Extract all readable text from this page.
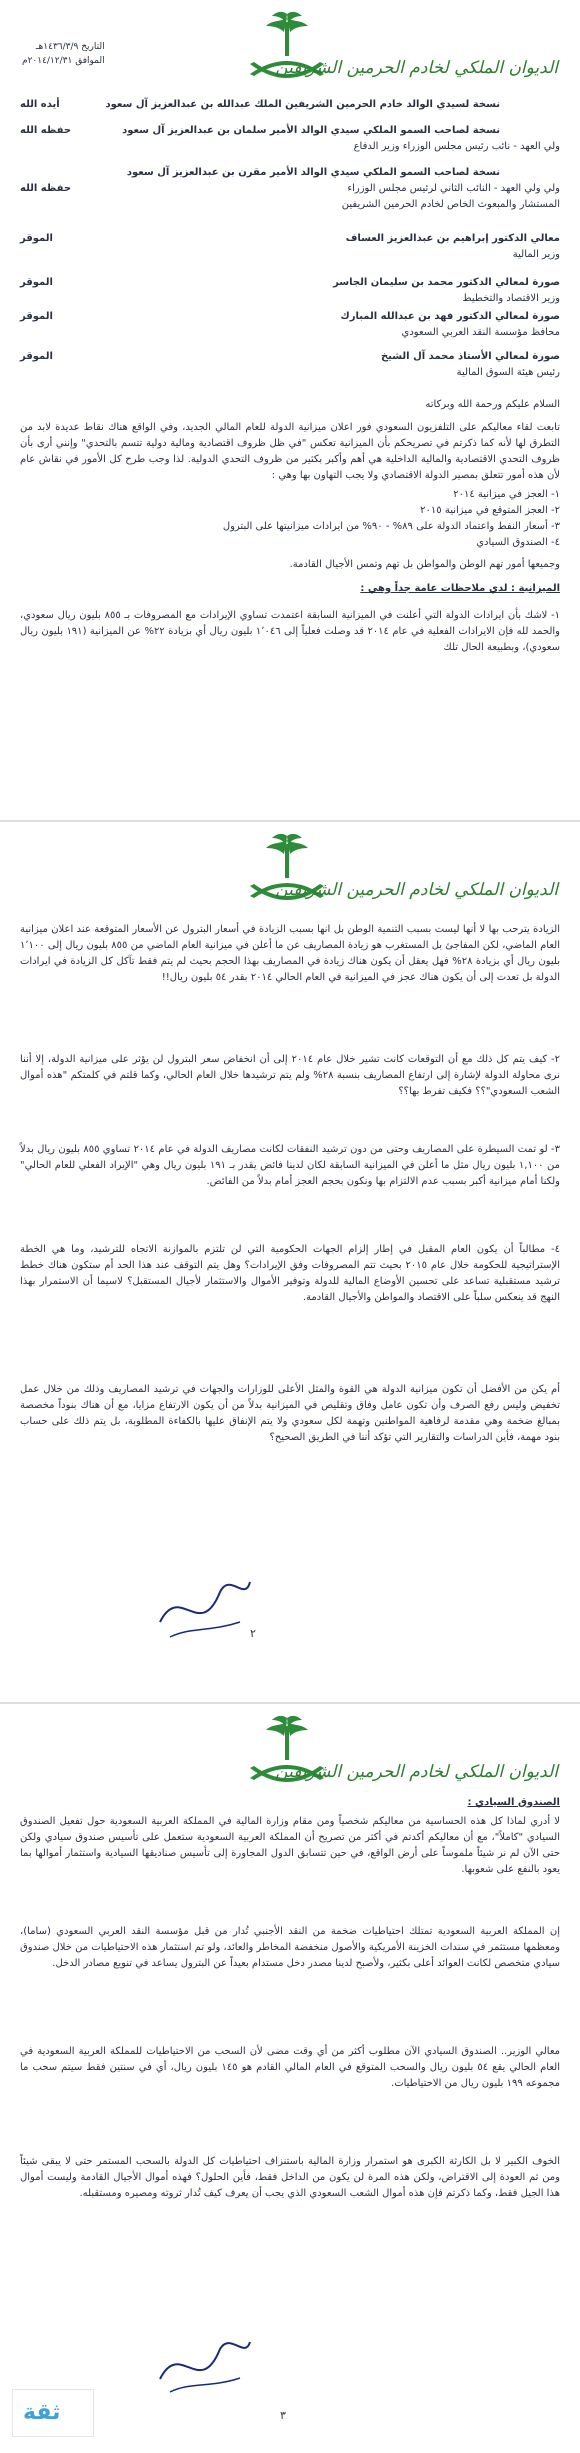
الديوان الملكي لخادم الحرمين الشريفين
التاريخ ١٤٣٦/٣/٩هـ
الموافق ٢٠١٤/١٢/٣١م
نسخة لسيدي الوالد خادم الحرمين الشريفين الملك عبدالله بن عبدالعزيز آل سعود
أيده الله
نسخة لصاحب السمو الملكي سيدي الوالد الأمير سلمان بن عبدالعزيز آل سعود
حفظه الله
ولي العهد - نائب رئيس مجلس الوزراء وزير الدفاع
نسخة لصاحب السمو الملكي سيدي الوالد الأمير مقرن بن عبدالعزيز آل سعود
حفظه الله	ولي ولي العهد - النائب الثاني لرئيس مجلس الوزراء
المستشار والمبعوث الخاص لخادم الحرمين الشريفين
معالي الدكتور إبراهيم بن عبدالعزيز العساف
الموقر
وزير المالية
صورة لمعالي الدكتور محمد بن سليمان الجاسر
الموقر
وزير الاقتصاد والتخطيط
صورة لمعالي الدكتور فهد بن عبدالله المبارك
الموقر
محافظ مؤسسة النقد العربي السعودي
صورة لمعالي الأستاذ محمد آل الشيخ
الموقر
رئيس هيئة السوق المالية
السلام عليكم ورحمة الله وبركاته
تابعت لقاء معاليكم على التلفزيون السعودي فور اعلان ميزانية الدولة للعام المالي الجديد، وفي الواقع هناك نقاط عديدة لابد من التطرق لها لأنه كما ذكرتم في تصريحكم بأن الميزانية تعكس "في ظل ظروف اقتصادية ومالية دولية تتسم بالتحدي" وإنني أرى بأن ظروف التحدي الاقتصادية والمالية الداخلية هي أهم وأكبر بكثير من ظروف التحدي الدولية. لذا وجب طرح كل الأمور في نقاش عام لأن هذه أمور تتعلق بمصير الدولة الاقتصادي ولا يجب التهاون بها وهي :
١- العجز في ميزانية ٢٠١٤
٢- العجز المتوقع في ميزانية ٢٠١٥
٣- أسعار النفط واعتماد الدولة على ٨٩% - ٩٠% من ايرادات ميزانيتها على البترول
٤- الصندوق السيادي
وجميعها أمور تهم الوطن والمواطن بل تهم وتمس الأجيال القادمة.
الميزانية : لدي ملاحظات عامة جداً وهي :
١- لاشك بأن ايرادات الدولة التي أعلنت في الميزانية السابقة اعتمدت تساوي الإيرادات مع المصروفات بـ ٨٥٥ بليون ريال سعودي، والحمد لله فإن الايرادات الفعلية في عام ٢٠١٤ قد وصلت فعلياً إلى ١٬٠٤٦ بليون ريال أي بزيادة ٢٢% عن الميزانية (١٩١ بليون ريال سعودي)، وبطبيعة الحال تلك
الديوان الملكي لخادم الحرمين الشريفين
الزيادة يترحب بها لا أنها ليست بسبب التنمية الوطن بل انها بسبب الزيادة في أسعار البترول عن الأسعار المتوقعة عند اعلان ميزانية العام الماضي، لكن المفاجئ بل المستغرب هو زيادة المصاريف عن ما أعلن في ميزانية العام الماضي من ٨٥٥ بليون ريال إلى ١٬١٠٠ بليون ريال أي بزيادة ٢٨% فهل يعقل أن يكون هناك زيادة في المصاريف بهذا الحجم بحيث لم يتم فقط تآكل كل الزيادة في ايرادات الدولة بل تعدت إلى أن يكون هناك عجز في الميزانية في العام الحالي ٢٠١٤ بقدر ٥٤ بليون ريال!!
٢- كيف يتم كل ذلك مع أن التوقعات كانت تشير خلال عام ٢٠١٤ إلى أن انخفاض سعر البترول لن يؤثر على ميزانية الدولة، إلا أننا نرى محاولة الدولة لإشارة إلى ارتفاع المصاريف بنسبة ٢٨% ولم يتم ترشيدها خلال العام الحالي، وكما قلتم في كلمتكم "هذه أموال الشعب السعودي"؟؟ فكيف تفرط بها؟؟
٣- لو تمت السيطرة على المصاريف وحتى من دون ترشيد النفقات لكانت مصاريف الدولة في عام ٢٠١٤ تساوي ٨٥٥ بليون ريال بدلاً من ١,١٠٠ بليون ريال مثل ما أعلن في الميزانية السابقة لكان لدينا فائض يقدر بـ ١٩١ بليون ريال وهي "الإيراد الفعلي للعام الحالي" ولكنا أمام ميزانية أكبر بسبب عدم الالتزام بها ونكون بحجم العجز أمام بدلاً من الفائض.
٤- مطالباً أن يكون العام المقبل في إطار إلزام الجهات الحكومية التي لن تلتزم بالموازنة الاتجاه للترشيد، وما هي الخطة الإستراتيجية للحكومة خلال عام ٢٠١٥ بحيث تتم المصروفات وفق الإيرادات؟ وهل يتم التوقف عند هذا الحد أم ستكون هناك خطط ترشيد مستقبلية تساعد على تحسين الأوضاع المالية للدولة وتوفير الأموال والاستثمار لأجيال المستقبل؟ لاسيما أن الاستمرار بهذا النهج قد ينعكس سلباً على الاقتصاد والمواطن والأجيال القادمة.
أم يكن من الأفضل أن تكون ميزانية الدولة هي القوة والمثل الأعلى للوزارات والجهات في ترشيد المصاريف وذلك من خلال عمل تخفيض وليس رفع الصرف وأن تكون عامل وفاق وتقليص في الميزانية بدلاً من أن يكون الارتفاع مزايا، مع أن هناك بنوداً مخصصة بمبالغ ضخمة وهي مقدمة لرفاهية المواطنين وتهمة لكل سعودي ولا يتم الإنفاق عليها بالكفاءة المطلوبة، بل يتم ذلك على حساب بنود مهمة، فأين الدراسات والتقارير التي تؤكد أننا في الطريق الصحيح؟
٢
الديوان الملكي لخادم الحرمين الشريفين
الصندوق السيادي :
لا أدري لماذا كل هذه الحساسية من معاليكم شخصياً ومن مقام وزارة المالية في المملكة العربية السعودية حول تفعيل الصندوق السيادي "كاملاً"، مع أن معاليكم أكدتم في أكثر من تصريح أن المملكة العربية السعودية ستعمل على تأسيس صندوق سيادي ولكن حتى الآن لم نر شيئاً ملموساً على أرض الواقع، في حين تتسابق الدول المجاورة إلى تأسيس صناديقها السيادية واستثمار أموالها بما يعود بالنفع على شعوبها.
إن المملكة العربية السعودية تمتلك احتياطيات ضخمة من النقد الأجنبي تُدار من قبل مؤسسة النقد العربي السعودي (ساما)، ومعظمها مستثمر في سندات الخزينة الأمريكية والأصول منخفضة المخاطر والعائد، ولو تم استثمار هذه الاحتياطيات من خلال صندوق سيادي متخصص لكانت العوائد أعلى بكثير، ولأصبح لدينا مصدر دخل مستدام بعيداً عن البترول يساعد في تنويع مصادر الدخل.
معالي الوزير.. الصندوق السيادي الآن مطلوب أكثر من أي وقت مضى لأن السحب من الاحتياطيات للمملكة العربية السعودية في العام الحالي يقع ٥٤ بليون ريال والسحب المتوقع في العام المالي القادم هو ١٤٥ بليون ريال، أي في سنتين فقط سيتم سحب ما مجموعه ١٩٩ بليون ريال من الاحتياطيات.
الخوف الكبير لا بل الكارثة الكبرى هو استمرار وزارة المالية باستنزاف احتياطيات كل الدولة بالسحب المستمر حتى لا يبقى شيئاً ومن ثم العودة إلى الاقتراض، ولكن هذه المرة لن يكون من الداخل فقط، فأين الحلول؟ فهذه أموال الأجيال القادمة وليست أموال هذا الجيل فقط، وكما ذكرتم فإن هذه أموال الشعب السعودي الذي يجب أن يعرف كيف تُدار ثروته ومصيره ومستقبله.
٣
ثقة
